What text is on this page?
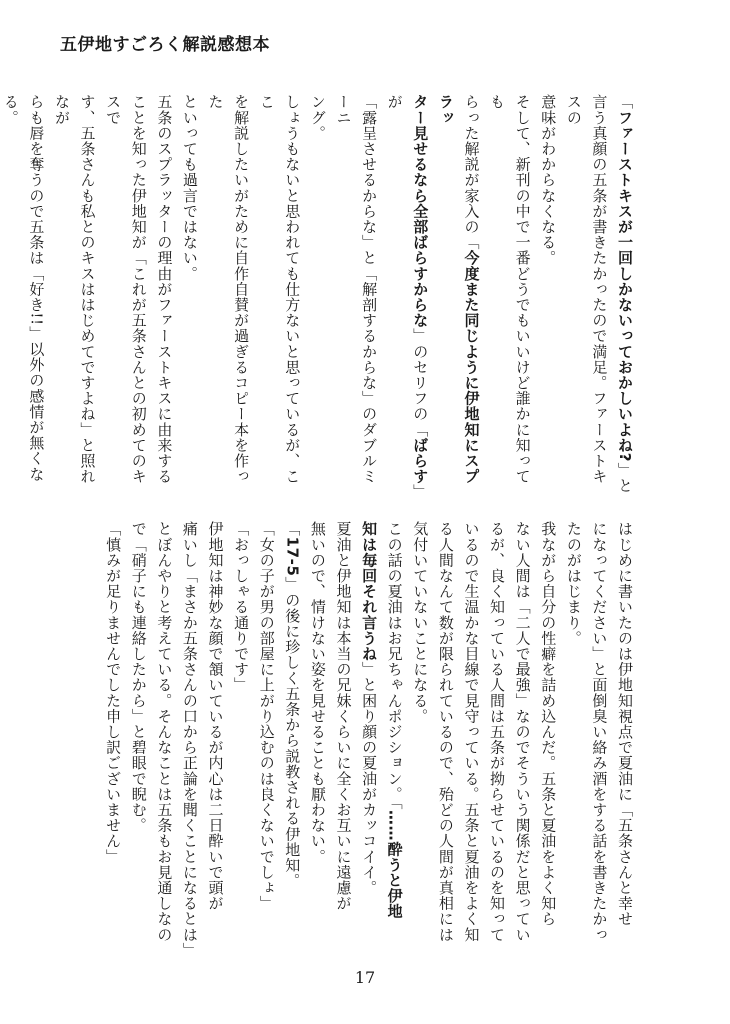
五伊地すごろく解説感想本

「ファーストキスが一回しかないっておかしいよね?」と

言う真顔の五条が書きたかったので満足。ファーストキスの

意味がわからなくなる。

そして、新刊の中で一番どうでもいいけど誰かに知っても

らった解説が家入の「今度また同じように伊地知にスプラッ

ター見せるなら全部ばらすからな」のセリフの「ばらす」が

「露呈させるからな」と「解剖するからな」のダブルミーニ

ング。

しょうもないと思われても仕方ないと思っているが、ここ

を解説したいがために自作自賛が過ぎるコピー本を作った

といっても過言ではない。

五条のスプラッターの理由がファーストキスに由来する

ことを知った伊地知が「これが五条さんとの初めてのキスで

す、五条さんも私とのキスははじめてですよね」と照れなが

らも唇を奪うので五条は「好き!!」以外の感情が無くなる。

はじめに書いたのは伊地知視点で夏油に「五条さんと幸せ

になってください」と面倒臭い絡み酒をする話を書きたかっ

たのがはじまり。

我ながら自分の性癖を詰め込んだ。五条と夏油をよく知ら

ない人間は「二人で最強」なのでそういう関係だと思ってい

るが、良く知っている人間は五条が拗らせているのを知って

いるので生温かな目線で見守っている。五条と夏油をよく知

る人間なんて数が限られているので、殆どの人間が真相には

気付いていないことになる。

この話の夏油はお兄ちゃんポジション。「……酔うと伊地

知は毎回それ言うね」と困り顔の夏油がカッコイイ。

夏油と伊地知は本当の兄妹くらいに全くお互いに遠慮が

無いので、情けない姿を見せることも厭わない。

「17-5」の後に珍しく五条から説教される伊地知。

「女の子が男の部屋に上がり込むのは良くないでしょ」

「おっしゃる通りです」

伊地知は神妙な顔で頷いているが内心は二日酔いで頭が

痛いし「まさか五条さんの口から正論を聞くことになるとは」

とぼんやりと考えている。そんなことは五条もお見通しなの

で「硝子にも連絡したから」と碧眼で睨む。

「慎みが足りませんでした申し訳ございません」

17
